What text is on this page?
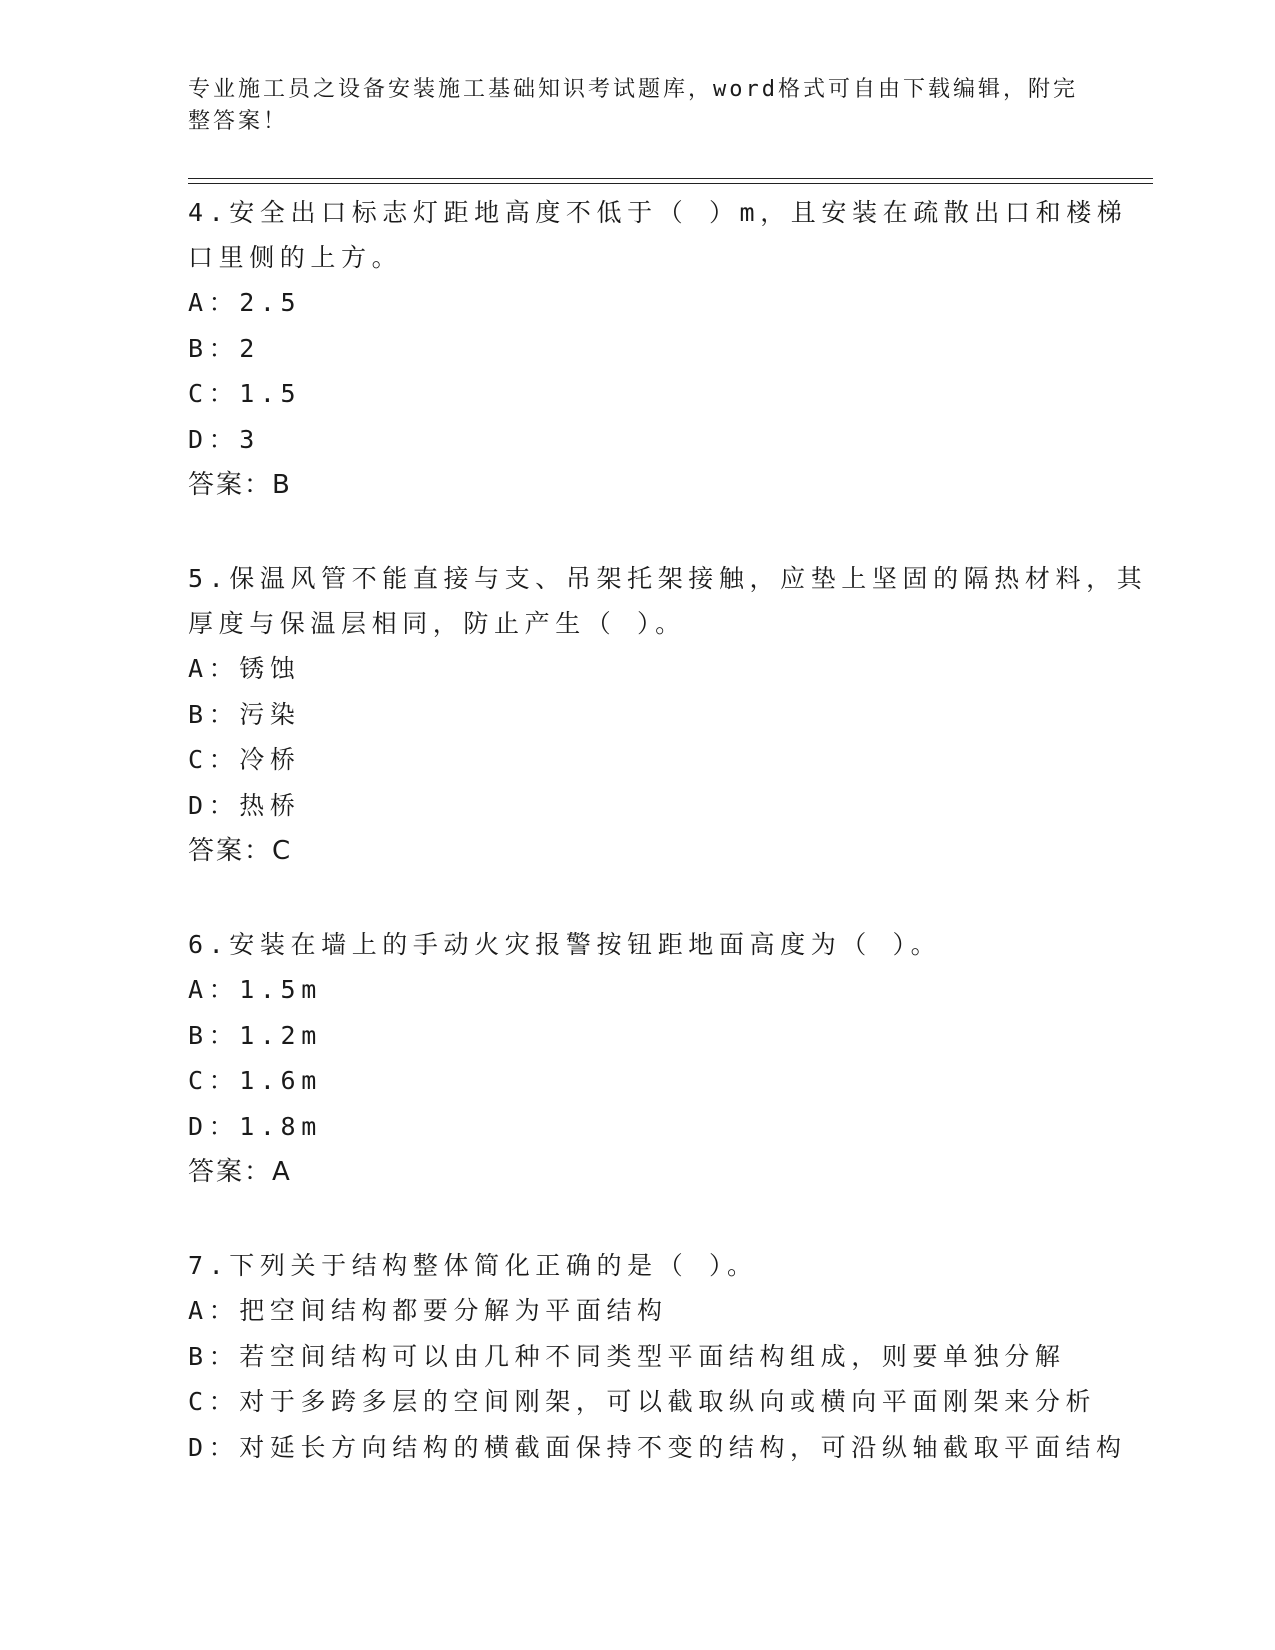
专业施工员之设备安装施工基础知识考试题库，word格式可自由下载编辑，附完整答案！
4.安全出口标志灯距地高度不低于（ ）m，且安装在疏散出口和楼梯口里侧的上方。
A：2.5
B：2
C：1.5
D：3
答案：B
5.保温风管不能直接与支、吊架托架接触，应垫上坚固的隔热材料，其厚度与保温层相同，防止产生（ ）。
A：锈蚀
B：污染
C：冷桥
D：热桥
答案：C
6.安装在墙上的手动火灾报警按钮距地面高度为（ ）。
A：1.5m
B：1.2m
C：1.6m
D：1.8m
答案：A
7.下列关于结构整体简化正确的是（ ）。
A：把空间结构都要分解为平面结构
B：若空间结构可以由几种不同类型平面结构组成，则要单独分解
C：对于多跨多层的空间刚架，可以截取纵向或横向平面刚架来分析
D：对延长方向结构的横截面保持不变的结构，可沿纵轴截取平面结构
